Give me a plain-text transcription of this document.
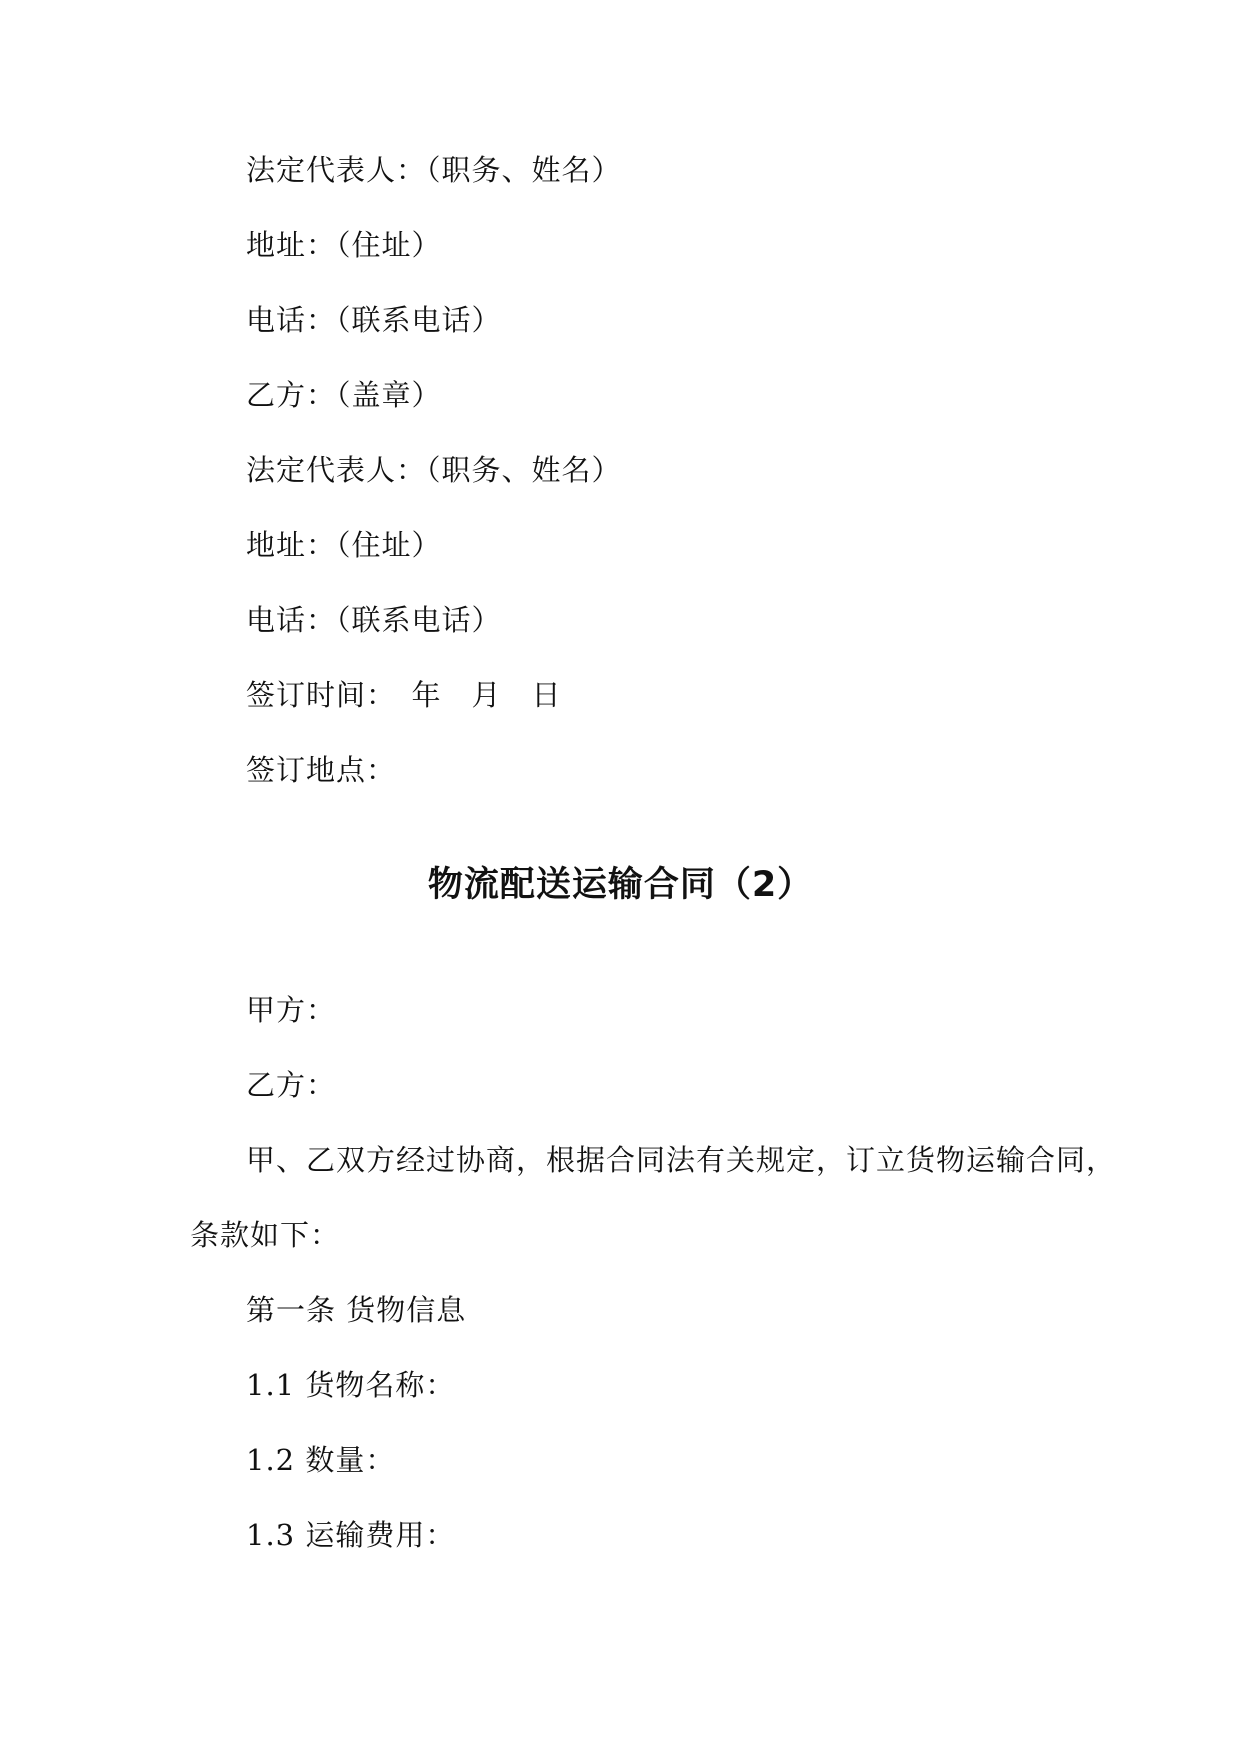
法定代表人：（职务、姓名）
地址：（住址）
电话：（联系电话）
乙方：（盖章）
法定代表人：（职务、姓名）
地址：（住址）
电话：（联系电话）
签订时间：　年　月　日
签订地点：
物流配送运输合同（2）
甲方：
乙方：
甲、乙双方经过协商，根据合同法有关规定，订立货物运输合同，
条款如下：
第一条 货物信息
1.1 货物名称：
1.2 数量：
1.3 运输费用：
